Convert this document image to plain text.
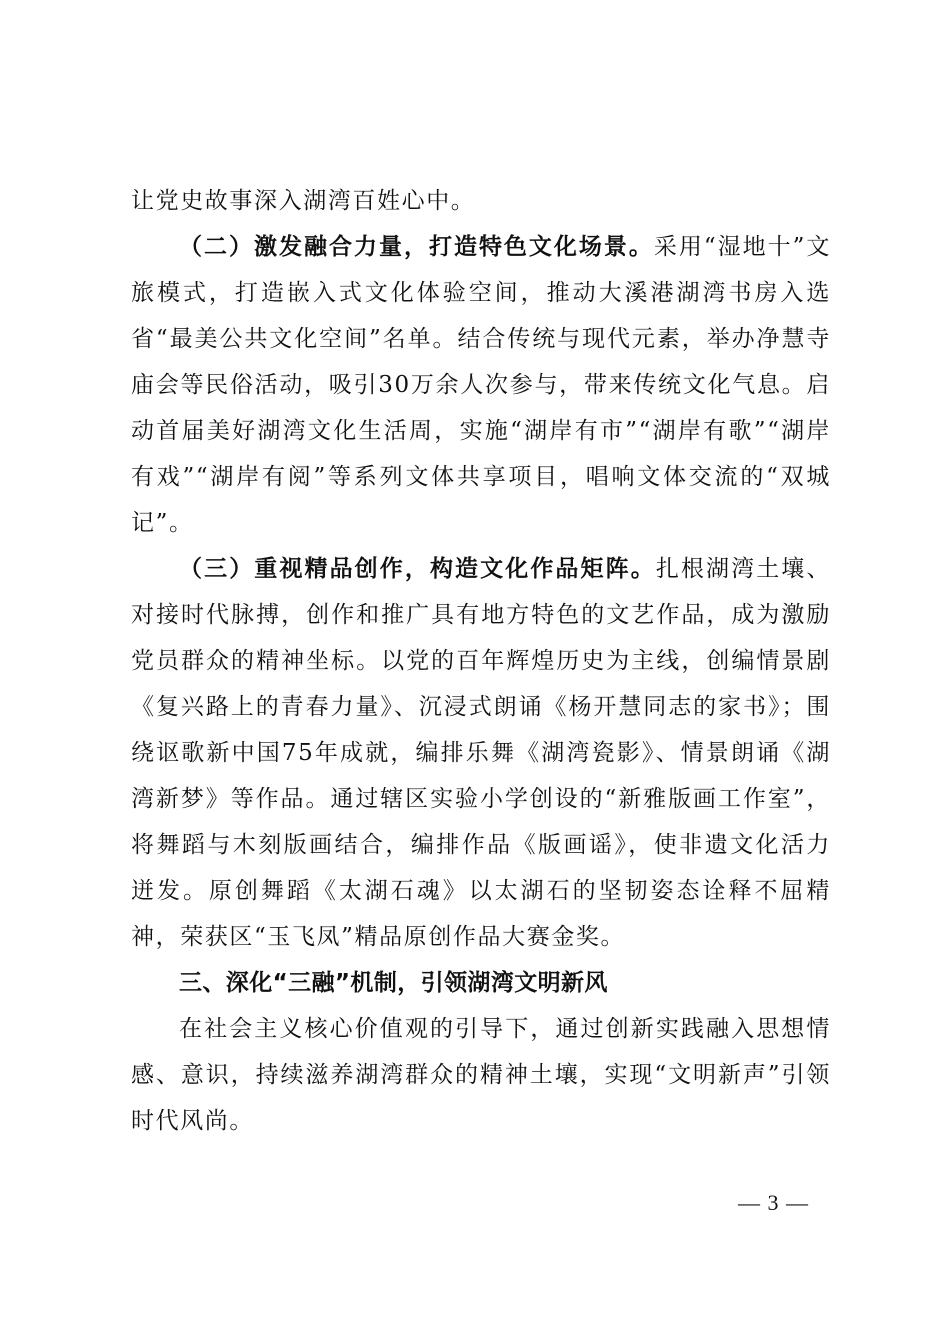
让党史故事深入湖湾百姓心中。

（二）激发融合力量，打造特色文化场景。采用“湿地十”文旅模式，打造嵌入式文化体验空间，推动大溪港湖湾书房入选省“最美公共文化空间”名单。结合传统与现代元素，举办净慧寺庙会等民俗活动，吸引30万余人次参与，带来传统文化气息。启动首届美好湖湾文化生活周，实施“湖岸有市”“湖岸有歌”“湖岸有戏”“湖岸有阅”等系列文体共享项目，唱响文体交流的“双城记”。

（三）重视精品创作，构造文化作品矩阵。扎根湖湾土壤、对接时代脉搏，创作和推广具有地方特色的文艺作品，成为激励党员群众的精神坐标。以党的百年辉煌历史为主线，创编情景剧《复兴路上的青春力量》、沉浸式朗诵《杨开慧同志的家书》；围绕讴歌新中国75年成就，编排乐舞《湖湾瓷影》、情景朗诵《湖湾新梦》等作品。通过辖区实验小学创设的“新雅版画工作室”，将舞蹈与木刻版画结合，编排作品《版画谣》，使非遗文化活力迸发。原创舞蹈《太湖石魂》以太湖石的坚韧姿态诠释不屈精神，荣获区“玉飞凤”精品原创作品大赛金奖。

三、深化“三融”机制，引领湖湾文明新风

在社会主义核心价值观的引导下，通过创新实践融入思想情感、意识，持续滋养湖湾群众的精神土壤，实现“文明新声”引领时代风尚。

— 3 —
